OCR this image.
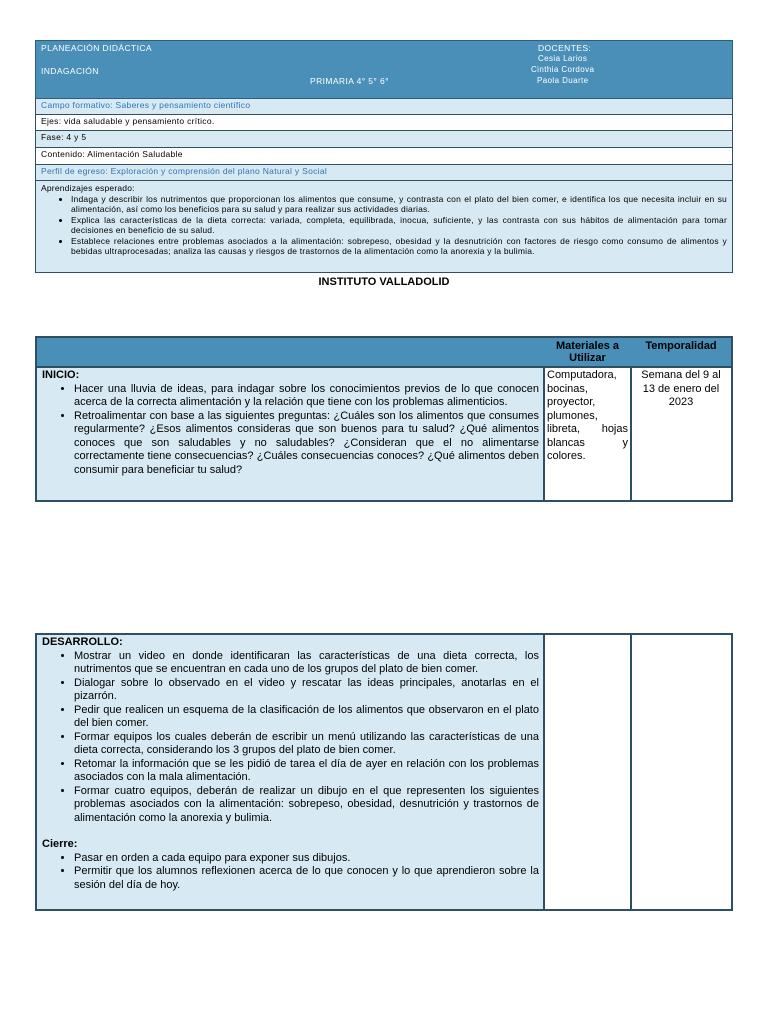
PLANEACIÓN DIDÁCTICA
INDAGACIÓN
PRIMARIA 4° 5° 6°
DOCENTES:
Cesia Larios
Cinthia Cordova
Paola Duarte
Campo formativo: Saberes y pensamiento científico
Ejes: vida saludable y pensamiento crítico.
Fase: 4 y 5
Contenido: Alimentación Saludable
Perfil de egreso: Exploración y comprensión del plano Natural y Social
Aprendizajes esperado:
• Indaga y describir los nutrimentos que proporcionan los alimentos que consume, y contrasta con el plato del bien comer, e identifica los que necesita incluir en su alimentación, así como los beneficios para su salud y para realizar sus actividades diarias.
• Explica las características de la dieta correcta: variada, completa, equilibrada, inocua, suficiente, y las contrasta con sus hábitos de alimentación para tomar decisiones en beneficio de su salud.
• Establece relaciones entre problemas asociados a la alimentación: sobrepeso, obesidad y la desnutrición con factores de riesgo como consumo de alimentos y bebidas ultraprocesadas; analiza las causas y riesgos de trastornos de la alimentación como la anorexia y la bulimia.
INSTITUTO VALLADOLID
Materiales a Utilizar
Temporalidad
INICIO:
• Hacer una lluvia de ideas, para indagar sobre los conocimientos previos de lo que conocen acerca de la correcta alimentación y la relación que tiene con los problemas alimenticios.
• Retroalimentar con base a las siguientes preguntas: ¿Cuáles son los alimentos que consumes regularmente? ¿Esos alimentos consideras que son buenos para tu salud? ¿Qué alimentos conoces que son saludables y no saludables? ¿Consideran que el no alimentarse correctamente tiene consecuencias? ¿Cuáles consecuencias conoces? ¿Qué alimentos deben consumir para beneficiar tu salud?
Computadora, bocinas, proyector, plumones, libreta, hojas blancas y colores.
Semana del 9 al 13 de enero del 2023
DESARROLLO:
• Mostrar un video en donde identificaran las características de una dieta correcta, los nutrimentos que se encuentran en cada uno de los grupos del plato de bien comer.
• Dialogar sobre lo observado en el video y rescatar las ideas principales, anotarlas en el pizarrón.
• Pedir que realicen un esquema de la clasificación de los alimentos que observaron en el plato del bien comer.
• Formar equipos los cuales deberán de escribir un menú utilizando las características de una dieta correcta, considerando los 3 grupos del plato de bien comer.
• Retomar la información que se les pidió de tarea el día de ayer en relación con los problemas asociados con la mala alimentación.
• Formar cuatro equipos, deberán de realizar un dibujo en el que representen los siguientes problemas asociados con la alimentación: sobrepeso, obesidad, desnutrición y trastornos de alimentación como la anorexia y bulimia.
Cierre:
• Pasar en orden a cada equipo para exponer sus dibujos.
• Permitir que los alumnos reflexionen acerca de lo que conocen y lo que aprendieron sobre la sesión del día de hoy.
